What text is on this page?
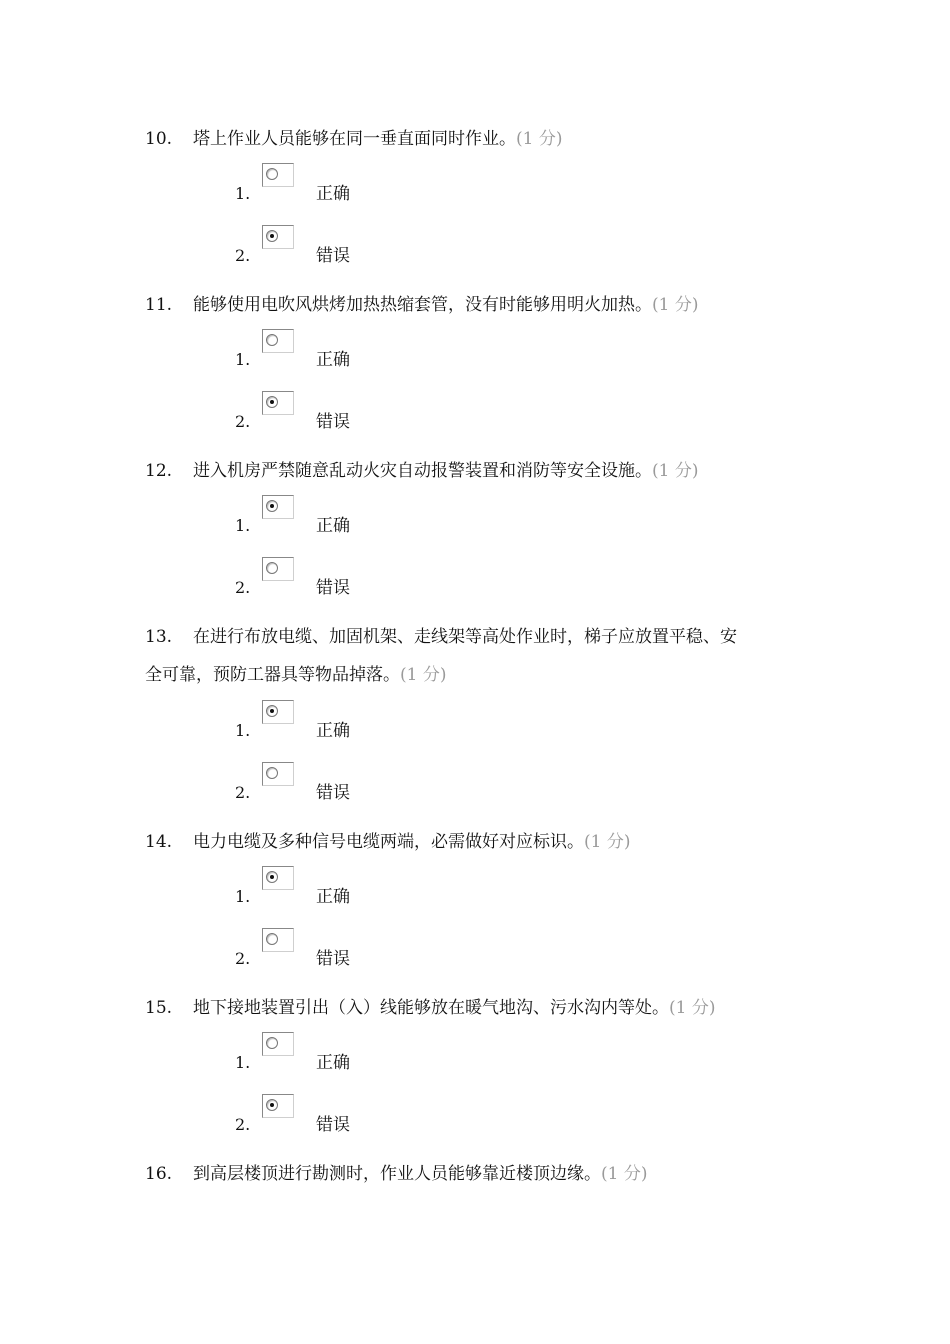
10. 塔上作业人员能够在同一垂直面同时作业。(1 分)
1.	正确
2.	错误
11. 能够使用电吹风烘烤加热热缩套管，没有时能够用明火加热。(1 分)
1.	正确
2.	错误
12. 进入机房严禁随意乱动火灾自动报警装置和消防等安全设施。(1 分)
1.	正确
2.	错误
13. 在进行布放电缆、加固机架、走线架等高处作业时，梯子应放置平稳、安
全可靠，预防工器具等物品掉落。(1 分)
1.	正确
2.	错误
14. 电力电缆及多种信号电缆两端，必需做好对应标识。(1 分)
1.	正确
2.	错误
15. 地下接地装置引出（入）线能够放在暖气地沟、污水沟内等处。(1 分)
1.	正确
2.	错误
16. 到高层楼顶进行勘测时，作业人员能够靠近楼顶边缘。(1 分)
